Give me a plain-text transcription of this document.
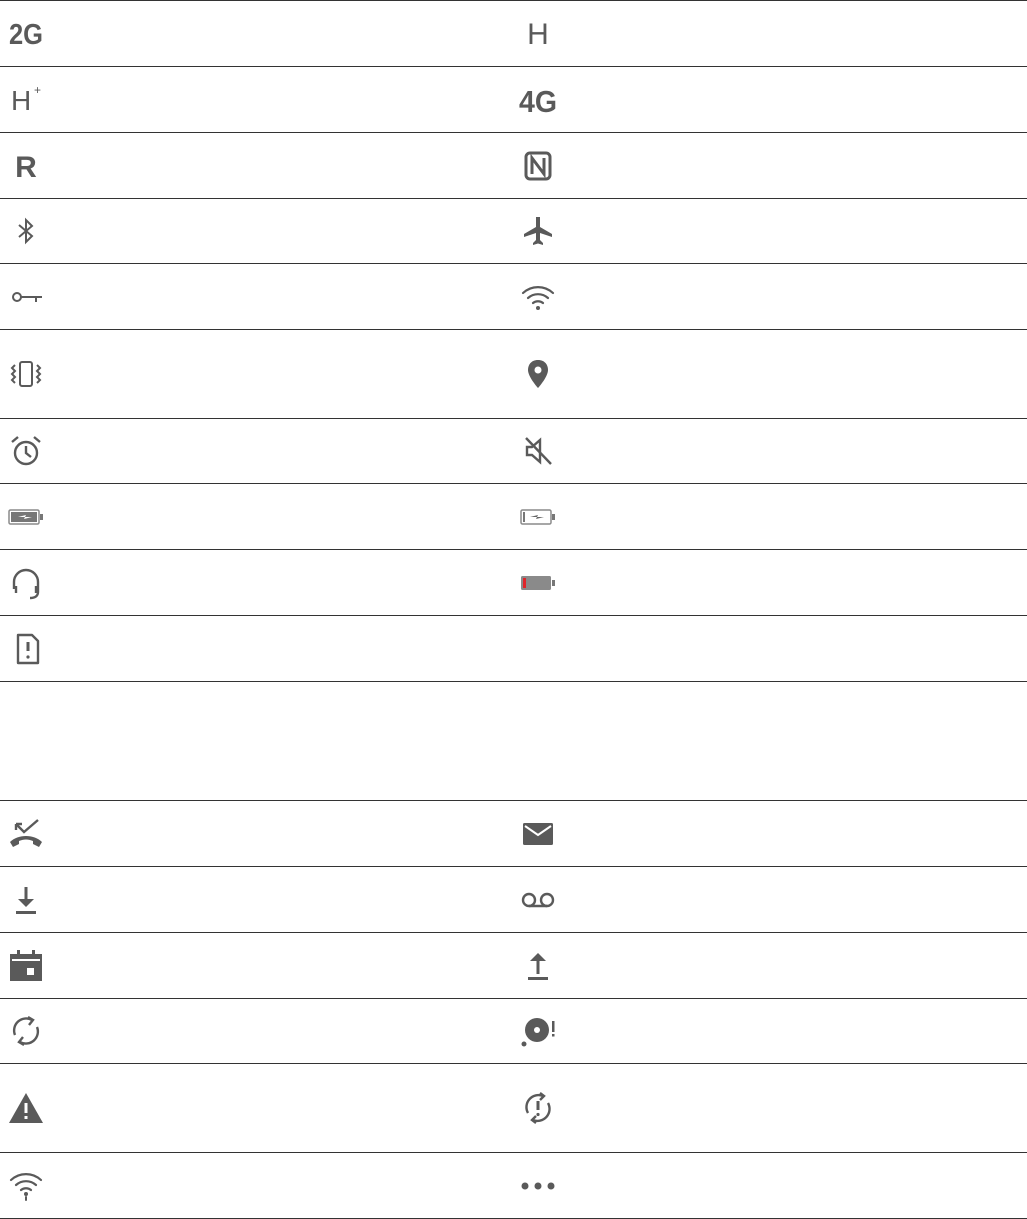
2G	H
H +	4G
R
